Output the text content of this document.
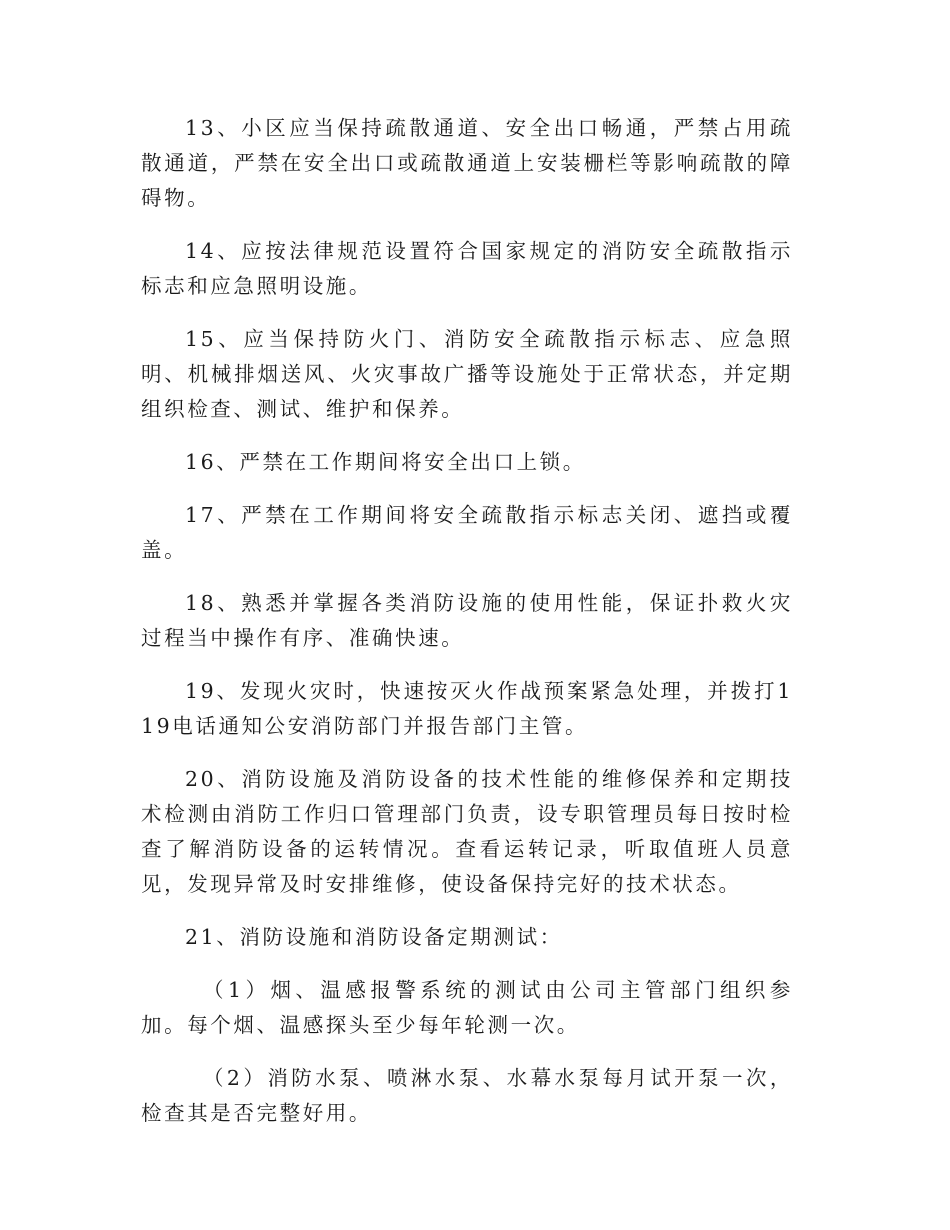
13、小区应当保持疏散通道、安全出口畅通，严禁占用疏散通道，严禁在安全出口或疏散通道上安装栅栏等影响疏散的障碍物。

14、应按法律规范设置符合国家规定的消防安全疏散指示标志和应急照明设施。

15、应当保持防火门、消防安全疏散指示标志、应急照明、机械排烟送风、火灾事故广播等设施处于正常状态，并定期组织检查、测试、维护和保养。

16、严禁在工作期间将安全出口上锁。

17、严禁在工作期间将安全疏散指示标志关闭、遮挡或覆盖。

18、熟悉并掌握各类消防设施的使用性能，保证扑救火灾过程当中操作有序、准确快速。

19、发现火灾时，快速按灭火作战预案紧急处理，并拨打119电话通知公安消防部门并报告部门主管。

20、消防设施及消防设备的技术性能的维修保养和定期技术检测由消防工作归口管理部门负责，设专职管理员每日按时检查了解消防设备的运转情况。查看运转记录，听取值班人员意见，发现异常及时安排维修，使设备保持完好的技术状态。

21、消防设施和消防设备定期测试：

（1）烟、温感报警系统的测试由公司主管部门组织参加。每个烟、温感探头至少每年轮测一次。

（2）消防水泵、喷淋水泵、水幕水泵每月试开泵一次，检查其是否完整好用。
